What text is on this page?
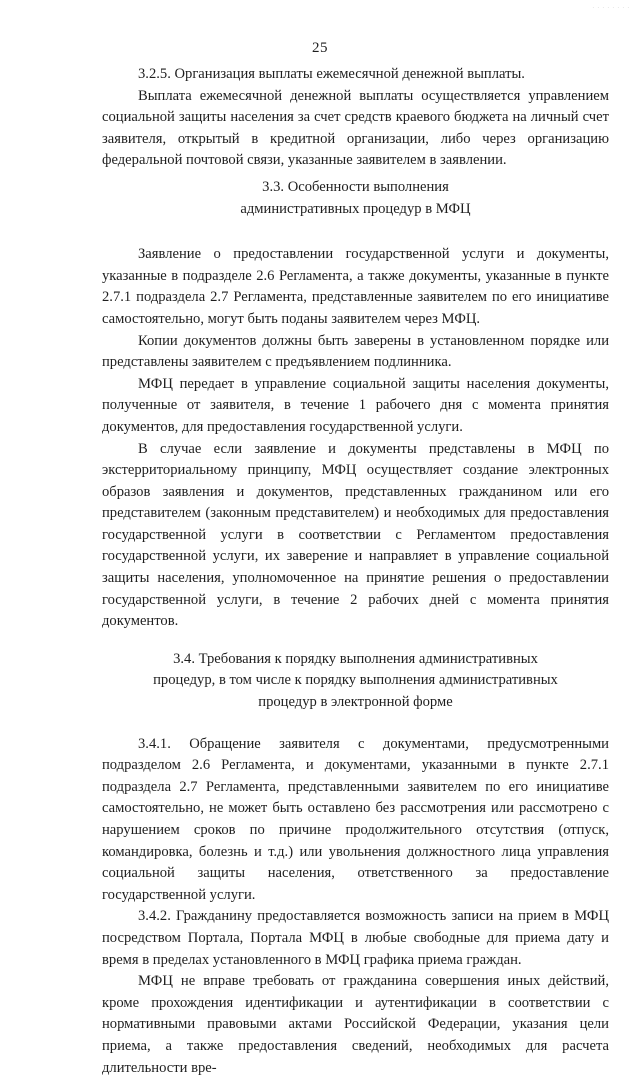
. . . . . . . .
25

3.2.5. Организация выплаты ежемесячной денежной выплаты.

Выплата ежемесячной денежной выплаты осуществляется управлением социальной защиты населения за счет средств краевого бюджета на личный счет заявителя, открытый в кредитной организации, либо через организацию федеральной почтовой связи, указанные заявителем в заявлении.

3.3. Особенности выполнения
административных процедур в МФЦ

Заявление о предоставлении государственной услуги и документы, указанные в подразделе 2.6 Регламента, а также документы, указанные в пункте 2.7.1 подраздела 2.7 Регламента, представленные заявителем по его инициативе самостоятельно, могут быть поданы заявителем через МФЦ.

Копии документов должны быть заверены в установленном порядке или представлены заявителем с предъявлением подлинника.

МФЦ передает в управление социальной защиты населения документы, полученные от заявителя, в течение 1 рабочего дня с момента принятия документов, для предоставления государственной услуги.

В случае если заявление и документы представлены в МФЦ по экстерриториальному принципу, МФЦ осуществляет создание электронных образов заявления и документов, представленных гражданином или его представителем (законным представителем) и необходимых для предоставления государственной услуги в соответствии с Регламентом предоставления государственной услуги, их заверение и направляет в управление социальной защиты населения, уполномоченное на принятие решения о предоставлении государственной услуги, в течение 2 рабочих дней с момента принятия документов.

3.4. Требования к порядку выполнения административных
процедур, в том числе к порядку выполнения административных
процедур в электронной форме

3.4.1. Обращение заявителя с документами, предусмотренными подразделом 2.6 Регламента, и документами, указанными в пункте 2.7.1 подраздела 2.7 Регламента, представленными заявителем по его инициативе самостоятельно, не может быть оставлено без рассмотрения или рассмотрено с нарушением сроков по причине продолжительного отсутствия (отпуск, командировка, болезнь и т.д.) или увольнения должностного лица управления социальной защиты населения, ответственного за предоставление государственной услуги.

3.4.2. Гражданину предоставляется возможность записи на прием в МФЦ посредством Портала, Портала МФЦ в любые свободные для приема дату и время в пределах установленного в МФЦ графика приема граждан.

МФЦ не вправе требовать от гражданина совершения иных действий, кроме прохождения идентификации и аутентификации в соответствии с нормативными правовыми актами Российской Федерации, указания цели приема, а также предоставления сведений, необходимых для расчета длительности вре-
